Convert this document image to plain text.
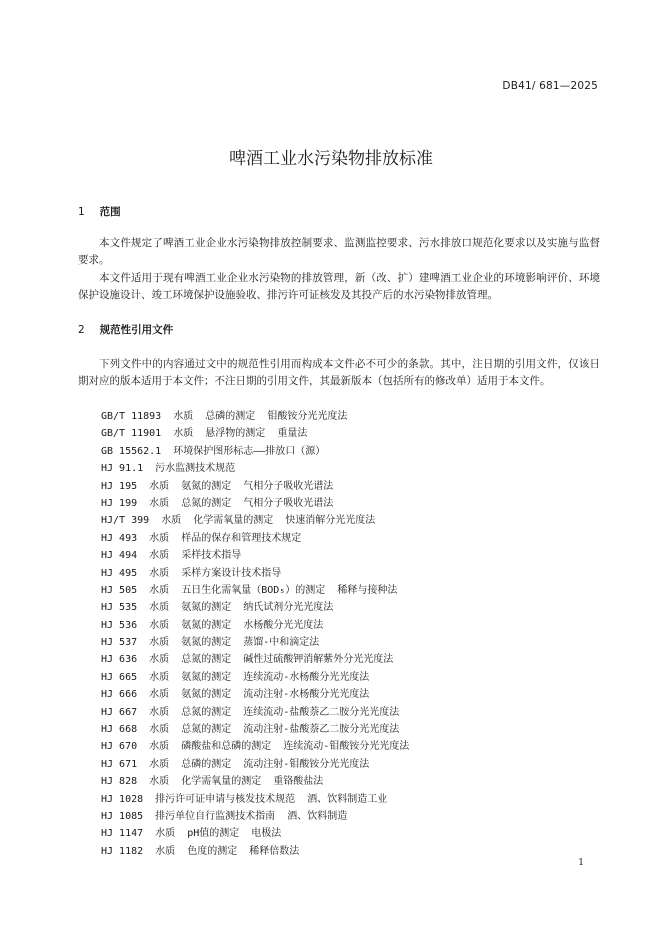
DB41/ 681—2025
啤酒工业水污染物排放标准
1 范围

本文件规定了啤酒工业企业水污染物排放控制要求、监测监控要求、污水排放口规范化要求以及实施与监督要求。

本文件适用于现有啤酒工业企业水污染物的排放管理，新（改、扩）建啤酒工业企业的环境影响评价、环境保护设施设计、竣工环境保护设施验收、排污许可证核发及其投产后的水污染物排放管理。

2 规范性引用文件

下列文件中的内容通过文中的规范性引用而构成本文件必不可少的条款。其中，注日期的引用文件，仅该日期对应的版本适用于本文件；不注日期的引用文件，其最新版本（包括所有的修改单）适用于本文件。

GB/T 11893  水质  总磷的测定  钼酸铵分光光度法
GB/T 11901  水质  悬浮物的测定  重量法
GB 15562.1  环境保护图形标志——排放口（源）
HJ 91.1  污水监测技术规范
HJ 195  水质  氨氮的测定  气相分子吸收光谱法
HJ 199  水质  总氮的测定  气相分子吸收光谱法
HJ/T 399  水质  化学需氧量的测定  快速消解分光光度法
HJ 493  水质  样品的保存和管理技术规定
HJ 494  水质  采样技术指导
HJ 495  水质  采样方案设计技术指导
HJ 505  水质  五日生化需氧量（BOD₅）的测定  稀释与接种法
HJ 535  水质  氨氮的测定  纳氏试剂分光光度法
HJ 536  水质  氨氮的测定  水杨酸分光光度法
HJ 537  水质  氨氮的测定  蒸馏-中和滴定法
HJ 636  水质  总氮的测定  碱性过硫酸钾消解紫外分光光度法
HJ 665  水质  氨氮的测定  连续流动-水杨酸分光光度法
HJ 666  水质  氨氮的测定  流动注射-水杨酸分光光度法
HJ 667  水质  总氮的测定  连续流动-盐酸萘乙二胺分光光度法
HJ 668  水质  总氮的测定  流动注射-盐酸萘乙二胺分光光度法
HJ 670  水质  磷酸盐和总磷的测定  连续流动-钼酸铵分光光度法
HJ 671  水质  总磷的测定  流动注射-钼酸铵分光光度法
HJ 828  水质  化学需氧量的测定  重铬酸盐法
HJ 1028  排污许可证申请与核发技术规范  酒、饮料制造工业
HJ 1085  排污单位自行监测技术指南  酒、饮料制造
HJ 1147  水质  pH值的测定  电极法
HJ 1182  水质  色度的测定  稀释倍数法
1
